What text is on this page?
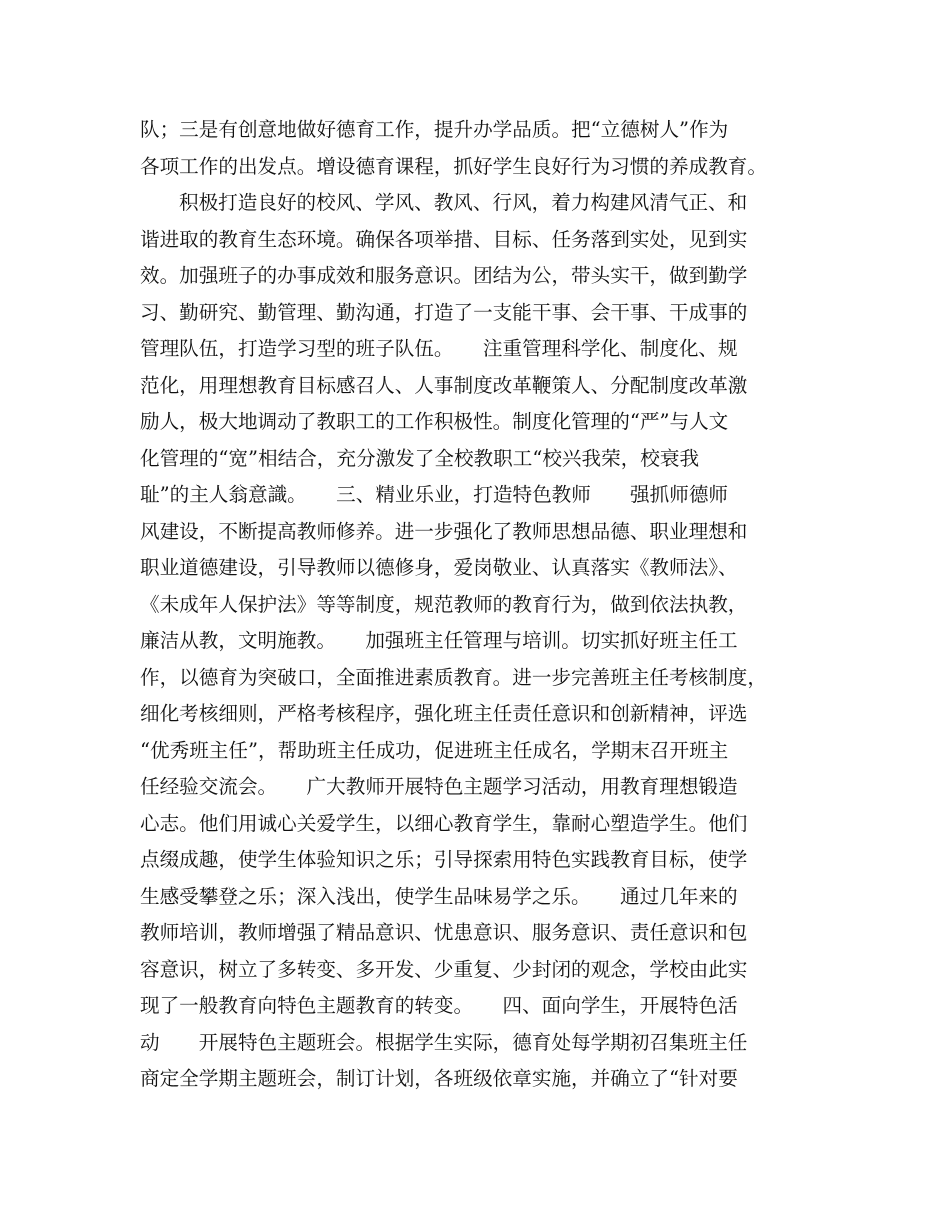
队；三是有创意地做好德育工作，提升办学品质。把“立德树人”作为
各项工作的出发点。增设德育课程，抓好学生良好行为习惯的养成教育。
积极打造良好的校风、学风、教风、行风，着力构建风清气正、和
谐进取的教育生态环境。确保各项举措、目标、任务落到实处，见到实
效。加强班子的办事成效和服务意识。团结为公，带头实干，做到勤学
习、勤研究、勤管理、勤沟通，打造了一支能干事、会干事、干成事的
管理队伍，打造学习型的班子队伍。　　注重管理科学化、制度化、规
范化，用理想教育目标感召人、人事制度改革鞭策人、分配制度改革激
励人，极大地调动了教职工的工作积极性。制度化管理的“严”与人文
化管理的“宽”相结合，充分激发了全校教职工“校兴我荣，校衰我
耻”的主人翁意識。　　三、精业乐业，打造特色教师　　强抓师德师
风建设，不断提高教师修养。进一步强化了教师思想品德、职业理想和
职业道德建设，引导教师以德修身，爱岗敬业、认真落实《教师法》、
《未成年人保护法》等等制度，规范教师的教育行为，做到依法执教，
廉洁从教，文明施教。　　加强班主任管理与培训。切实抓好班主任工
作，以德育为突破口，全面推进素质教育。进一步完善班主任考核制度，
细化考核细则，严格考核程序，强化班主任责任意识和创新精神，评选
“优秀班主任”，帮助班主任成功，促进班主任成名，学期末召开班主
任经验交流会。　　广大教师开展特色主题学习活动，用教育理想锻造
心志。他们用诚心关爱学生，以细心教育学生，靠耐心塑造学生。他们
点缀成趣，使学生体验知识之乐；引导探索用特色实践教育目标，使学
生感受攀登之乐；深入浅出，使学生品味易学之乐。　　通过几年来的
教师培训，教师增强了精品意识、忧患意识、服务意识、责任意识和包
容意识，树立了多转变、多开发、少重复、少封闭的观念，学校由此实
现了一般教育向特色主题教育的转变。　　四、面向学生，开展特色活
动　　开展特色主题班会。根据学生实际，德育处每学期初召集班主任
商定全学期主题班会，制订计划，各班级依章实施，并确立了“针对要
